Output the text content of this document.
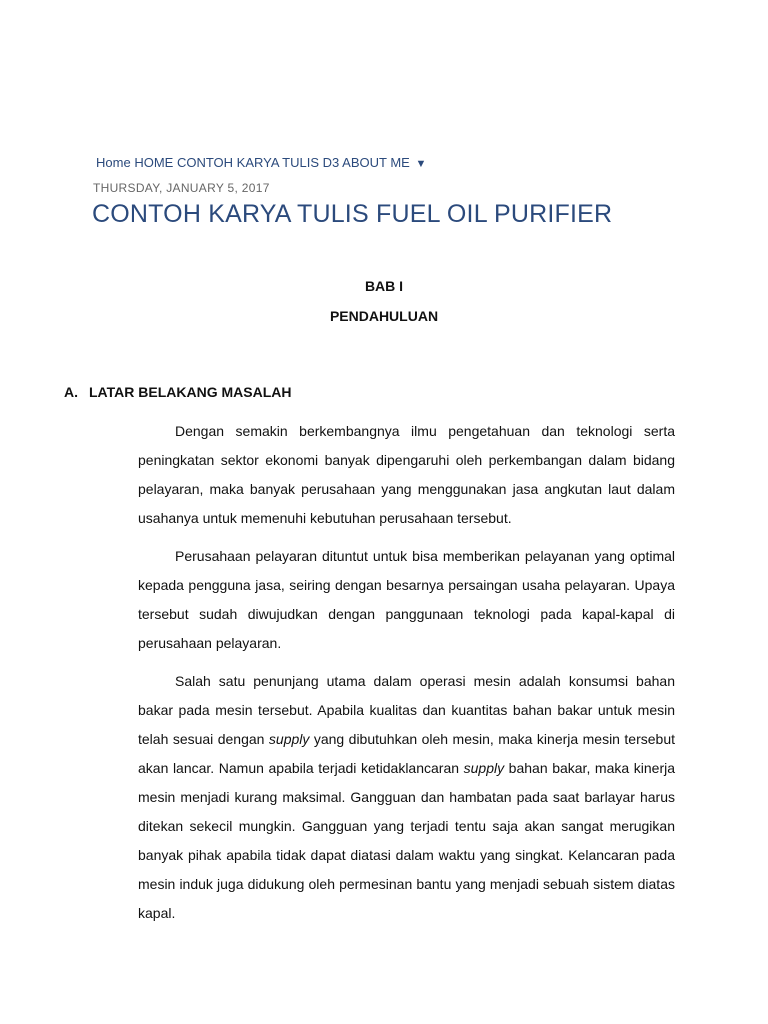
Home HOME CONTOH KARYA TULIS D3 ABOUT ME ▼
THURSDAY, JANUARY 5, 2017
CONTOH KARYA TULIS FUEL OIL PURIFIER
BAB I
PENDAHULUAN
A. LATAR BELAKANG MASALAH

Dengan semakin berkembangnya ilmu pengetahuan dan teknologi serta peningkatan sektor ekonomi banyak dipengaruhi oleh perkembangan dalam bidang pelayaran, maka banyak perusahaan yang menggunakan jasa angkutan laut dalam usahanya untuk memenuhi kebutuhan perusahaan tersebut.

Perusahaan pelayaran dituntut untuk bisa memberikan pelayanan yang optimal kepada pengguna jasa, seiring dengan besarnya persaingan usaha pelayaran. Upaya tersebut sudah diwujudkan dengan panggunaan teknologi pada kapal-kapal di perusahaan pelayaran.

Salah satu penunjang utama dalam operasi mesin adalah konsumsi bahan bakar pada mesin tersebut. Apabila kualitas dan kuantitas bahan bakar untuk mesin telah sesuai dengan supply yang dibutuhkan oleh mesin, maka kinerja mesin tersebut akan lancar. Namun apabila terjadi ketidaklancaran supply bahan bakar, maka kinerja mesin menjadi kurang maksimal. Gangguan dan hambatan pada saat barlayar harus ditekan sekecil mungkin. Gangguan yang terjadi tentu saja akan sangat merugikan banyak pihak apabila tidak dapat diatasi dalam waktu yang singkat. Kelancaran pada mesin induk juga didukung oleh permesinan bantu yang menjadi sebuah sistem diatas kapal.
